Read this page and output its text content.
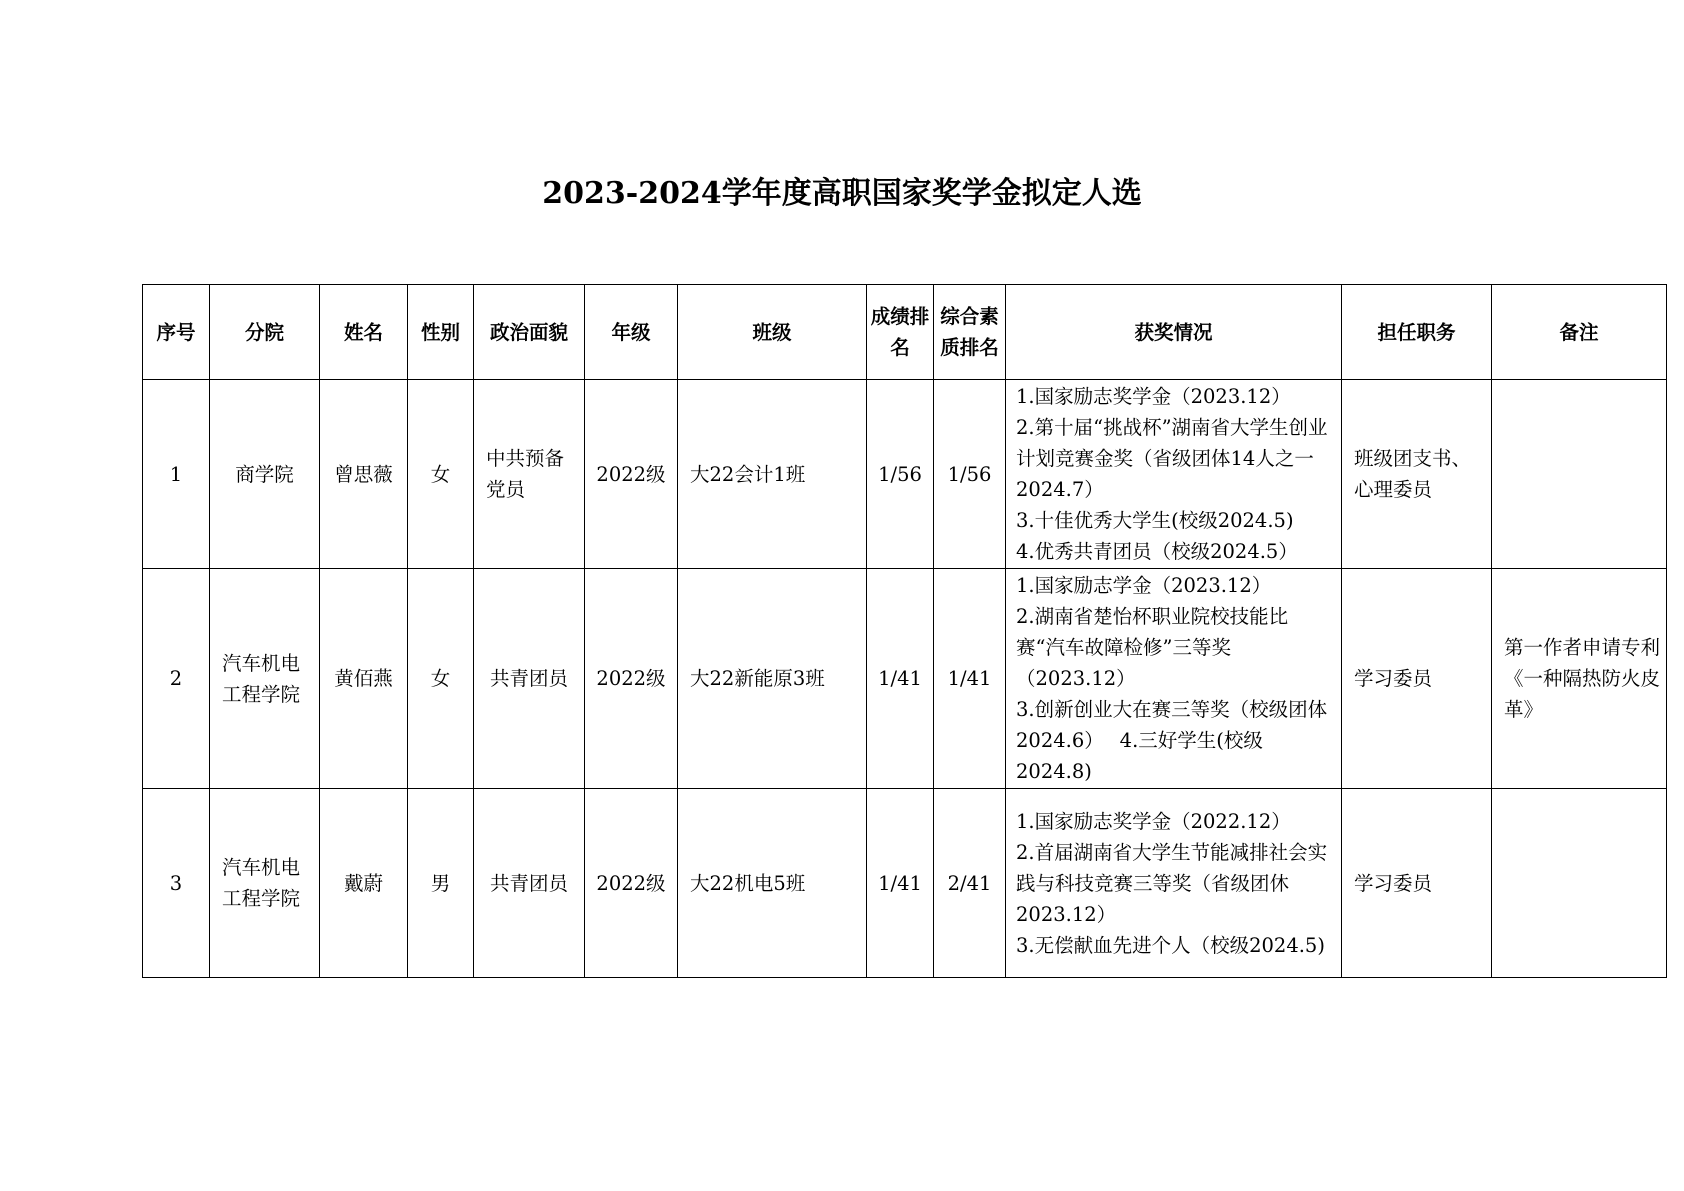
2023-2024学年度高职国家奖学金拟定人选
序号	分院	姓名	性别	政治面貌	年级	班级	成绩排名	综合素质排名	获奖情况	担任职务	备注
1	商学院	曾思薇	女	中共预备党员	2022级	大22会计1班	1/56	1/56	1.国家励志奖学金（2023.12）
2.第十届“挑战杯”湖南省大学生创业计划竞赛金奖（省级团体14人之一 2024.7）
3.十佳优秀大学生(校级2024.5)
4.优秀共青团员（校级2024.5）	班级团支书、心理委员	
2	汽车机电工程学院	黄佰燕	女	共青团员	2022级	大22新能原3班	1/41	1/41	1.国家励志学金（2023.12）
2.湖南省楚怡杯职业院校技能比赛“汽车故障检修”三等奖（2023.12）
3.创新创业大在赛三等奖（校级团体2024.6）　 4.三好学生(校级2024.8)	学习委员	第一作者申请专利《一种隔热防火皮革》
3	汽车机电工程学院	戴蔚	男	共青团员	2022级	大22机电5班	1/41	2/41	1.国家励志奖学金（2022.12）
2.首届湖南省大学生节能减排社会实践与科技竞赛三等奖（省级团休2023.12）
3.无偿献血先进个人（校级2024.5)	学习委员	
